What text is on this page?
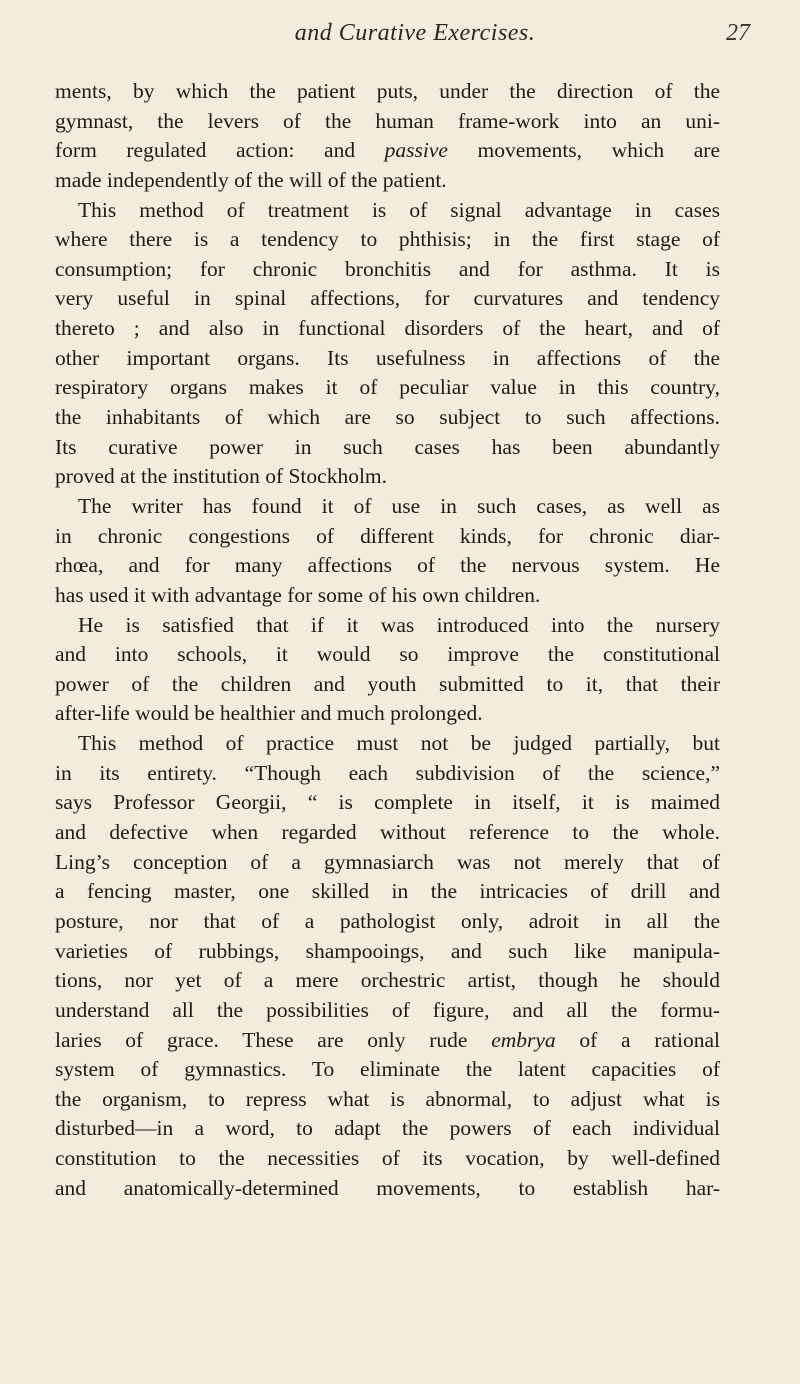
and Curative Exercises.	27
ments, by which the patient puts, under the direction of the
gymnast, the levers of the human frame-work into an uni-
form regulated action: and passive movements, which are
made independently of the will of the patient.
This method of treatment is of signal advantage in cases
where there is a tendency to phthisis; in the first stage of
consumption; for chronic bronchitis and for asthma. It is
very useful in spinal affections, for curvatures and tendency
thereto ; and also in functional disorders of the heart, and of
other important organs. Its usefulness in affections of the
respiratory organs makes it of peculiar value in this country,
the inhabitants of which are so subject to such affections.
Its curative power in such cases has been abundantly
proved at the institution of Stockholm.
The writer has found it of use in such cases, as well as
in chronic congestions of different kinds, for chronic diar-
rhœa, and for many affections of the nervous system. He
has used it with advantage for some of his own children.
He is satisfied that if it was introduced into the nursery
and into schools, it would so improve the constitutional
power of the children and youth submitted to it, that their
after-life would be healthier and much prolonged.
This method of practice must not be judged partially, but
in its entirety. “Though each subdivision of the science,”
says Professor Georgii, “ is complete in itself, it is maimed
and defective when regarded without reference to the whole.
Ling’s conception of a gymnasiarch was not merely that of
a fencing master, one skilled in the intricacies of drill and
posture, nor that of a pathologist only, adroit in all the
varieties of rubbings, shampooings, and such like manipula-
tions, nor yet of a mere orchestric artist, though he should
understand all the possibilities of figure, and all the formu-
laries of grace. These are only rude embrya of a rational
system of gymnastics. To eliminate the latent capacities of
the organism, to repress what is abnormal, to adjust what is
disturbed—in a word, to adapt the powers of each individual
constitution to the necessities of its vocation, by well-defined
and anatomically-determined movements, to establish har-
